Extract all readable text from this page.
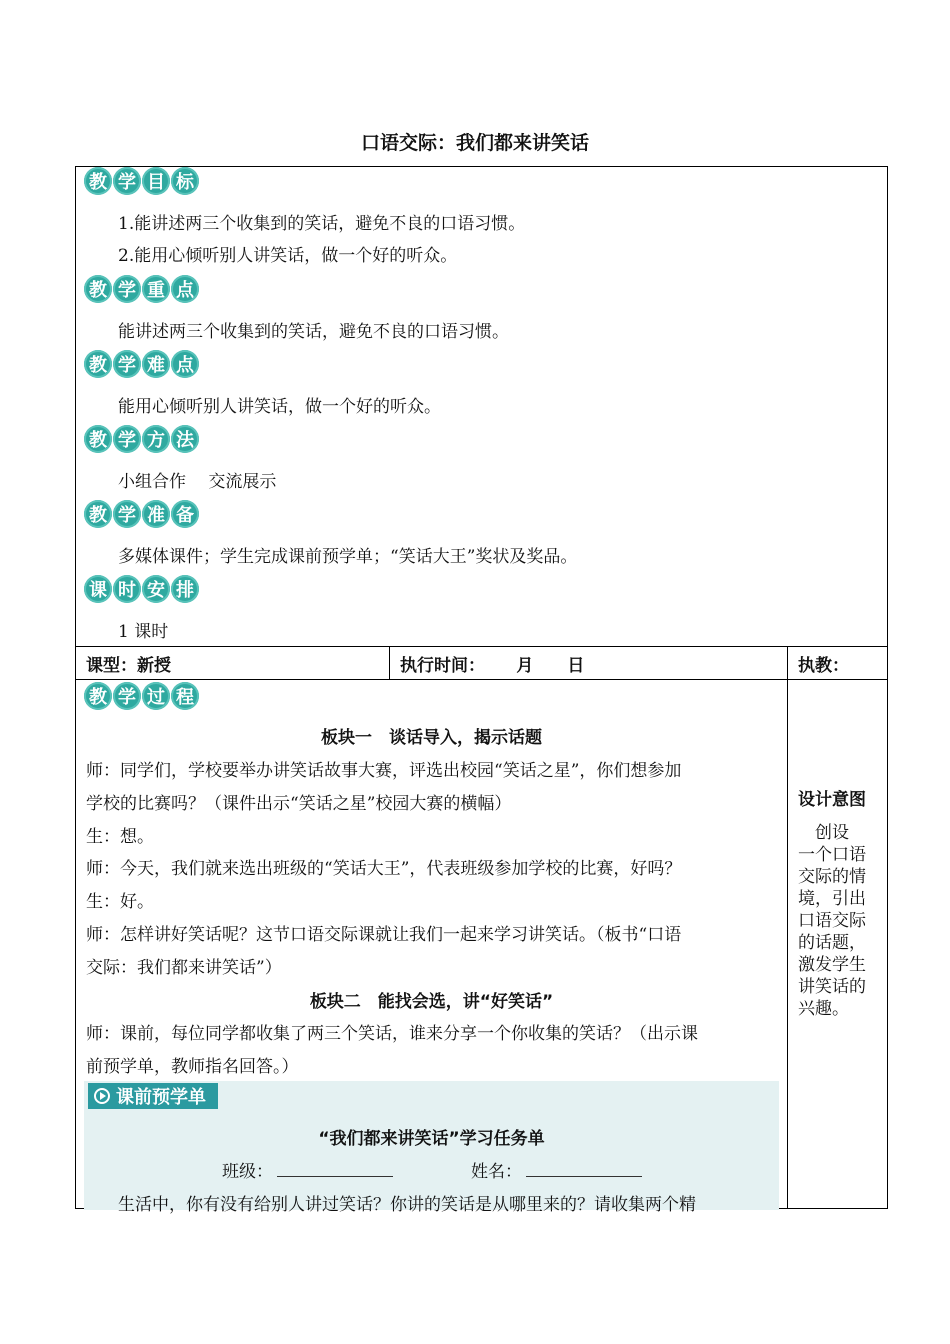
口语交际：我们都来讲笑话
教 学 目 标
1.能讲述两三个收集到的笑话，避免不良的口语习惯。
2.能用心倾听别人讲笑话，做一个好的听众。
教 学 重 点
能讲述两三个收集到的笑话，避免不良的口语习惯。
教 学 难 点
能用心倾听别人讲笑话，做一个好的听众。
教 学 方 法
小组合作　 交流展示
教 学 准 备
多媒体课件；学生完成课前预学单；“笑话大王”奖状及奖品。
课 时 安 排
1 课时
课型：新授	执行时间：　　 月　　日	执教：
教 学 过 程
板块一　谈话导入，揭示话题
师：同学们，学校要举办讲笑话故事大赛，评选出校园“笑话之星”，你们想参加
学校的比赛吗？（课件出示“笑话之星”校园大赛的横幅）
生：想。
师：今天，我们就来选出班级的“笑话大王”，代表班级参加学校的比赛，好吗？
生：好。
师：怎样讲好笑话呢？这节口语交际课就让我们一起来学习讲笑话。（板书“口语
交际：我们都来讲笑话”）
板块二　能找会选，讲“好笑话”
师：课前，每位同学都收集了两三个笑话，谁来分享一个你收集的笑话？（出示课
前预学单，教师指名回答。）
课前预学单
“我们都来讲笑话”学习任务单
班级：	姓名：
生活中，你有没有给别人讲过笑话？你讲的笑话是从哪里来的？请收集两个精
设计意图
　创设
一个口语
交际的情
境，引出
口语交际
的话题，
激发学生
讲笑话的
兴趣。
